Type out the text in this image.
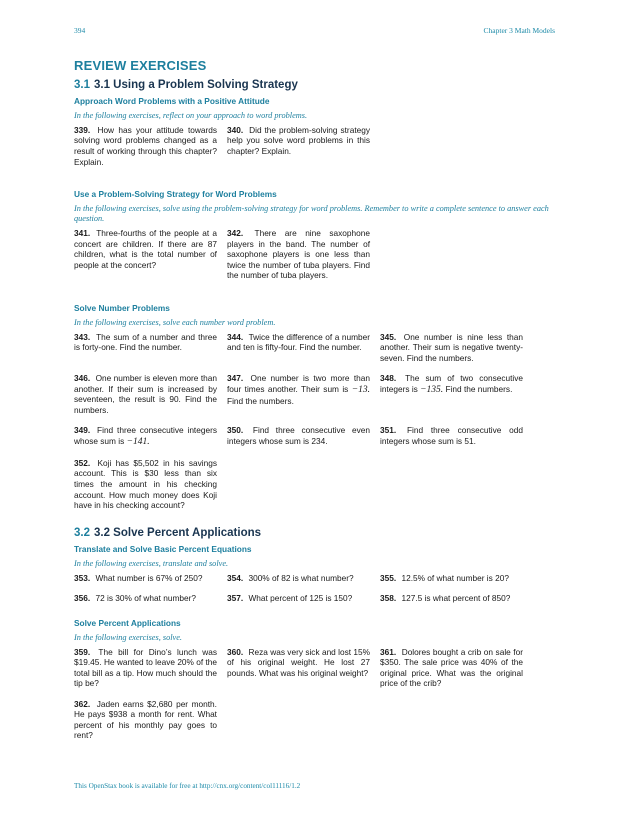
394	Chapter 3 Math Models
REVIEW EXERCISES
3.1 3.1 Using a Problem Solving Strategy
Approach Word Problems with a Positive Attitude
In the following exercises, reflect on your approach to word problems.
339. How has your attitude towards solving word problems changed as a result of working through this chapter? Explain.
340. Did the problem-solving strategy help you solve word problems in this chapter? Explain.
Use a Problem-Solving Strategy for Word Problems
In the following exercises, solve using the problem-solving strategy for word problems. Remember to write a complete sentence to answer each question.
341. Three-fourths of the people at a concert are children. If there are 87 children, what is the total number of people at the concert?
342. There are nine saxophone players in the band. The number of saxophone players is one less than twice the number of tuba players. Find the number of tuba players.
Solve Number Problems
In the following exercises, solve each number word problem.
343. The sum of a number and three is forty-one. Find the number.
344. Twice the difference of a number and ten is fifty-four. Find the number.
345. One number is nine less than another. Their sum is negative twenty-seven. Find the numbers.
346. One number is eleven more than another. If their sum is increased by seventeen, the result is 90. Find the numbers.
347. One number is two more than four times another. Their sum is −13. Find the numbers.
348. The sum of two consecutive integers is −135. Find the numbers.
349. Find three consecutive integers whose sum is −141.
350. Find three consecutive even integers whose sum is 234.
351. Find three consecutive odd integers whose sum is 51.
352. Koji has $5,502 in his savings account. This is $30 less than six times the amount in his checking account. How much money does Koji have in his checking account?
3.2 3.2 Solve Percent Applications
Translate and Solve Basic Percent Equations
In the following exercises, translate and solve.
353. What number is 67% of 250?	354. 300% of 82 is what number?	355. 12.5% of what number is 20?
356. 72 is 30% of what number?	357. What percent of 125 is 150?	358. 127.5 is what percent of 850?
Solve Percent Applications
In the following exercises, solve.
359. The bill for Dino’s lunch was $19.45. He wanted to leave 20% of the total bill as a tip. How much should the tip be?
360. Reza was very sick and lost 15% of his original weight. He lost 27 pounds. What was his original weight?
361. Dolores bought a crib on sale for $350. The sale price was 40% of the original price. What was the original price of the crib?
362. Jaden earns $2,680 per month. He pays $938 a month for rent. What percent of his monthly pay goes to rent?
This OpenStax book is available for free at http://cnx.org/content/col11116/1.2
